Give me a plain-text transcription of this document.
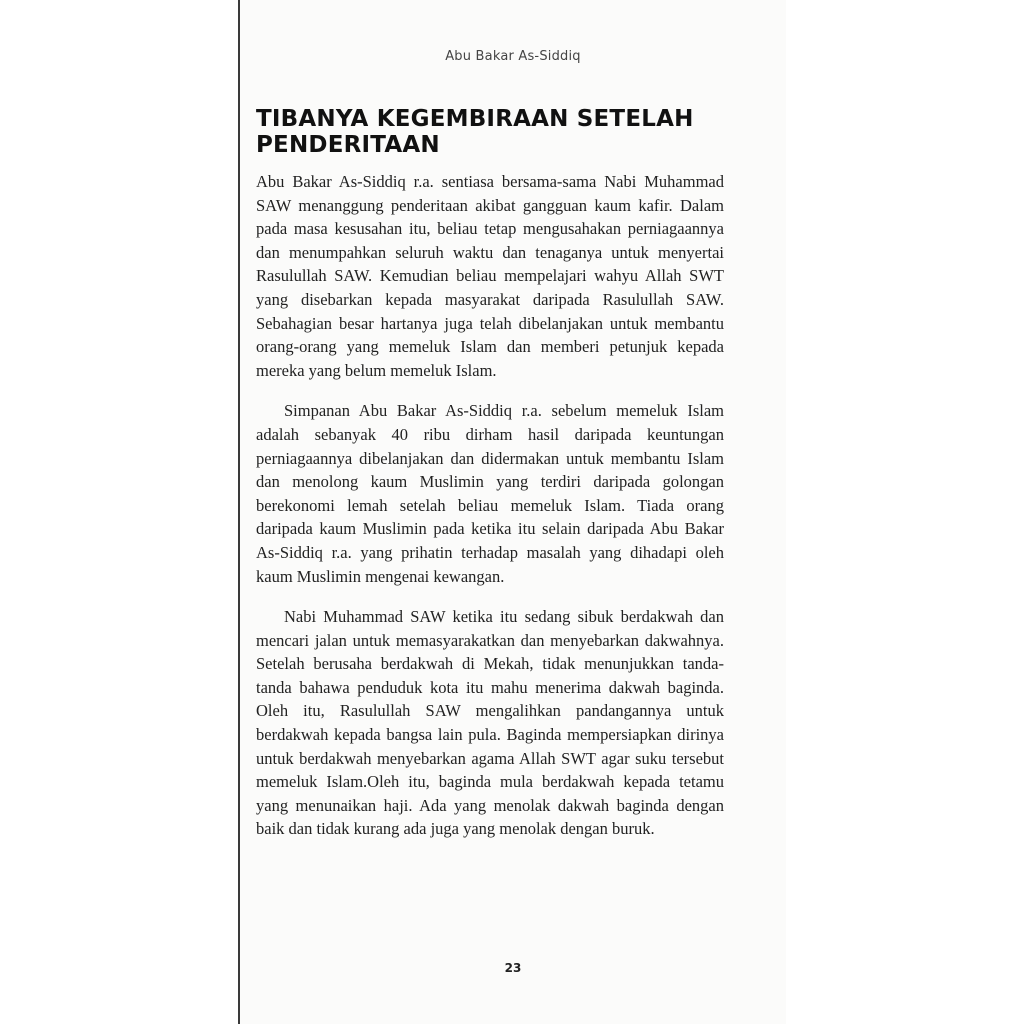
Abu Bakar As-Siddiq
TIBANYA KEGEMBIRAAN SETELAH PENDERITAAN

Abu Bakar As-Siddiq r.a. sentiasa bersama-sama Nabi Muhammad SAW menanggung penderitaan akibat gangguan kaum kafir. Dalam pada masa kesusahan itu, beliau tetap mengusahakan perniagaannya dan menumpahkan seluruh waktu dan tenaganya untuk menyertai Rasulullah SAW. Kemudian beliau mempelajari wahyu Allah SWT yang disebarkan kepada masyarakat daripada Rasulullah SAW. Sebahagian besar hartanya juga telah dibelanjakan untuk membantu orang-orang yang memeluk Islam dan memberi petunjuk kepada mereka yang belum memeluk Islam.

Simpanan Abu Bakar As-Siddiq r.a. sebelum memeluk Islam adalah sebanyak 40 ribu dirham hasil daripada keuntungan perniagaannya dibelanjakan dan didermakan untuk membantu Islam dan menolong kaum Muslimin yang terdiri daripada golongan berekonomi lemah setelah beliau memeluk Islam. Tiada orang daripada kaum Muslimin pada ketika itu selain daripada Abu Bakar As-Siddiq r.a. yang prihatin terhadap masalah yang dihadapi oleh kaum Muslimin mengenai kewangan.

Nabi Muhammad SAW ketika itu sedang sibuk berdakwah dan mencari jalan untuk memasyarakatkan dan menyebarkan dakwahnya. Setelah berusaha berdakwah di Mekah, tidak menunjukkan tanda-tanda bahawa penduduk kota itu mahu menerima dakwah baginda. Oleh itu, Rasulullah SAW mengalihkan pandangannya untuk berdakwah kepada bangsa lain pula. Baginda mempersiapkan dirinya untuk berdakwah menyebarkan agama Allah SWT agar suku tersebut memeluk Islam.Oleh itu, baginda mula berdakwah kepada tetamu yang menunaikan haji. Ada yang menolak dakwah baginda dengan baik dan tidak kurang ada juga yang menolak dengan buruk.

23
